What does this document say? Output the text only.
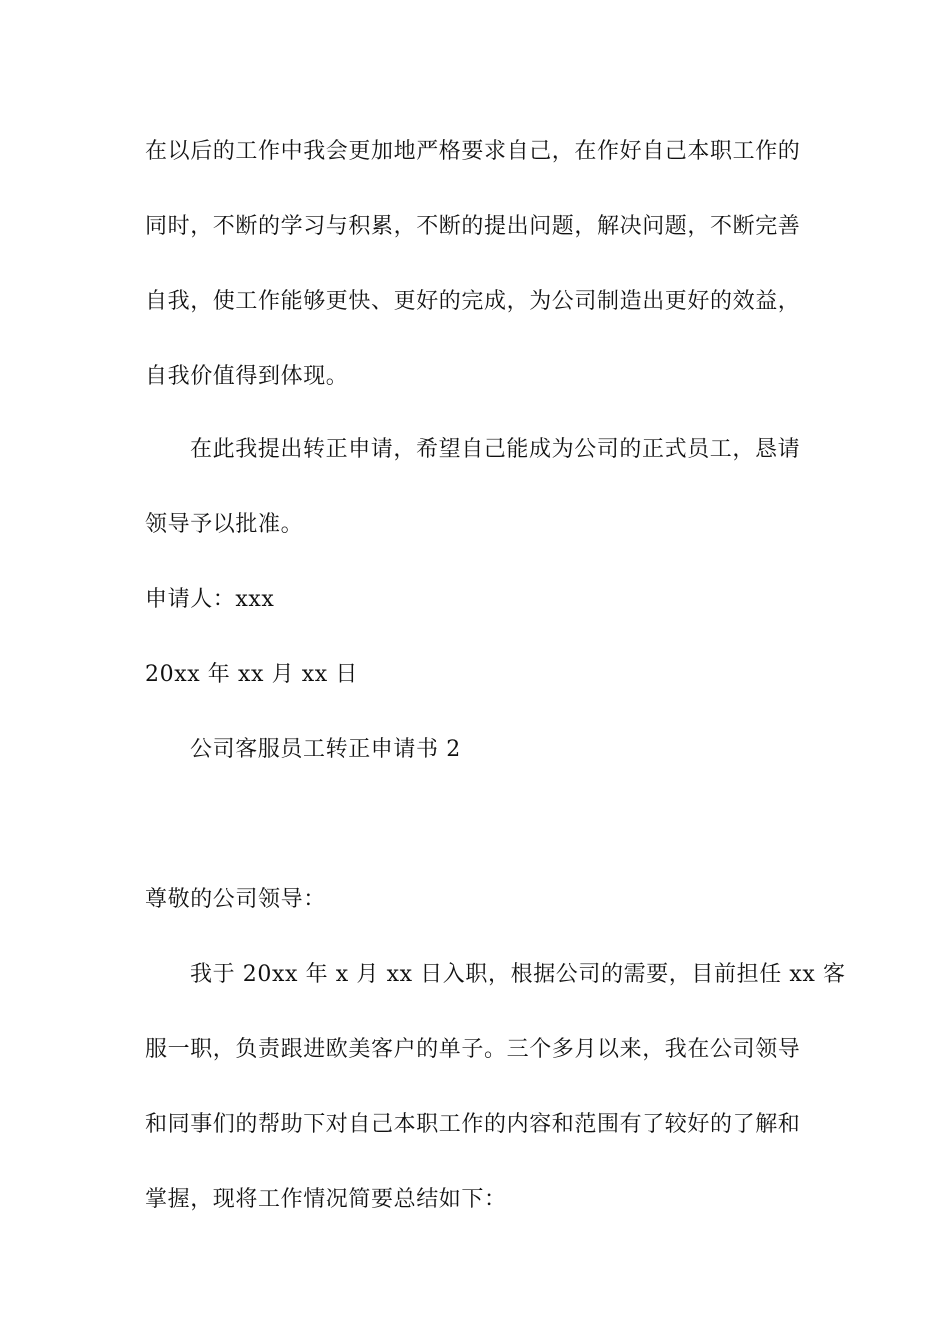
在以后的工作中我会更加地严格要求自己，在作好自己本职工作的
同时，不断的学习与积累，不断的提出问题，解决问题，不断完善
自我，使工作能够更快、更好的完成，为公司制造出更好的效益，
自我价值得到体现。
在此我提出转正申请，希望自己能成为公司的正式员工，恳请
领导予以批准。
申请人：xxx
20xx 年 xx 月 xx 日
公司客服员工转正申请书 2
尊敬的公司领导：
我于 20xx 年 x 月 xx 日入职，根据公司的需要，目前担任 xx 客
服一职，负责跟进欧美客户的单子。三个多月以来，我在公司领导
和同事们的帮助下对自己本职工作的内容和范围有了较好的了解和
掌握，现将工作情况简要总结如下：
